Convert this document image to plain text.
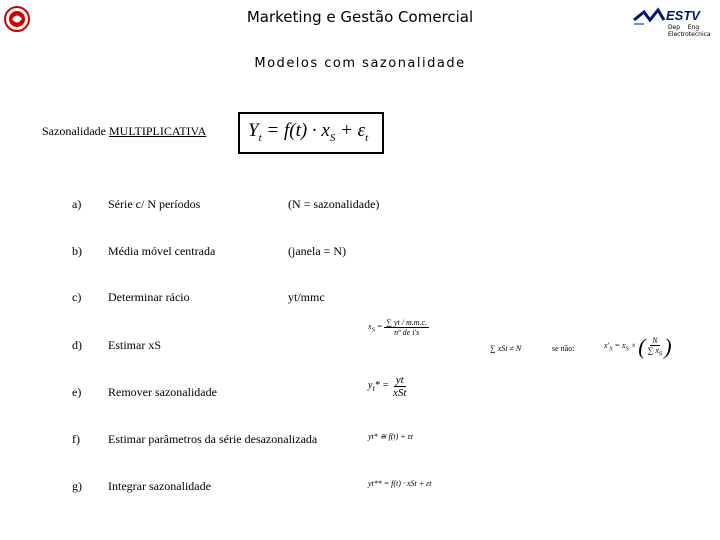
ESTV
Dep    Eng
Electrotecnica
Marketing e Gestão Comercial
Modelos com sazonalidade
Sazonalidade MULTIPLICATIVA $Y_t = f(t) \cdot x_S + \varepsilon_t$
a) Série c/ N períodos	(N = sazonalidade)
b) Média móvel centrada	(janela = N)
c) Determinar rácio	yt/mmc
d) Estimar xS
e) Remover sazonalidade
f) Estimar parâmetros da série desazonalizada
g) Integrar sazonalidade
$x_S = \frac{\sum yt / m.m.c.}{\text{nº de i's}}$
∑ xSi ≠ N	se não:	$x'_S = x_S$ × ( $\frac{N}{\sum x_S}$ )
$y_t* = \frac{yt}{\text{xSt}}$
yt* ≅ f(t) + εt
yt** = f(t) · xSt + εt
